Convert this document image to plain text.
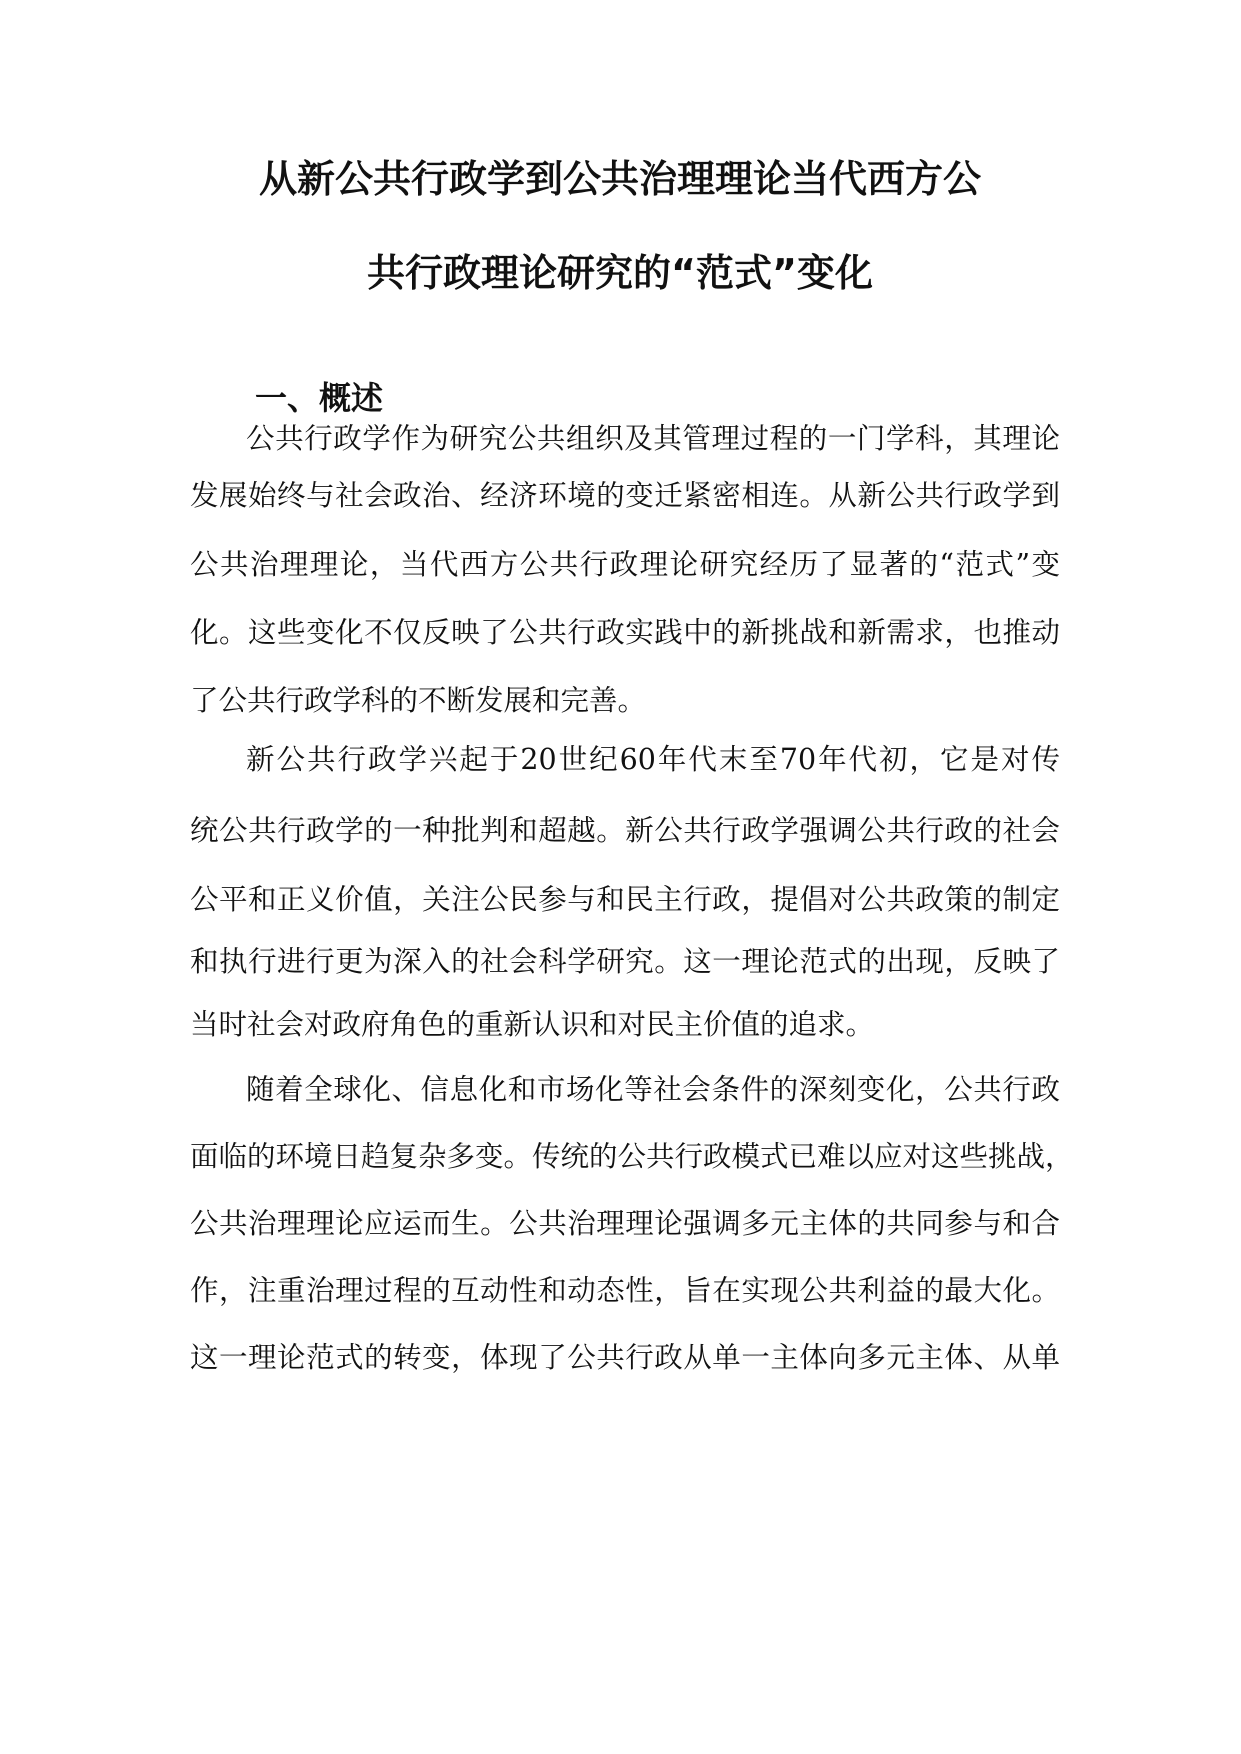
从新公共行政学到公共治理理论当代西方公
共行政理论研究的“范式”变化
一、概述
公共行政学作为研究公共组织及其管理过程的一门学科，其理论
发展始终与社会政治、经济环境的变迁紧密相连。从新公共行政学到
公共治理理论，当代西方公共行政理论研究经历了显著的“范式”变
化。这些变化不仅反映了公共行政实践中的新挑战和新需求，也推动
了公共行政学科的不断发展和完善。
新公共行政学兴起于20世纪60年代末至70年代初，它是对传
统公共行政学的一种批判和超越。新公共行政学强调公共行政的社会
公平和正义价值，关注公民参与和民主行政，提倡对公共政策的制定
和执行进行更为深入的社会科学研究。这一理论范式的出现，反映了
当时社会对政府角色的重新认识和对民主价值的追求。
随着全球化、信息化和市场化等社会条件的深刻变化，公共行政
面临的环境日趋复杂多变。传统的公共行政模式已难以应对这些挑战，
公共治理理论应运而生。公共治理理论强调多元主体的共同参与和合
作，注重治理过程的互动性和动态性，旨在实现公共利益的最大化。
这一理论范式的转变，体现了公共行政从单一主体向多元主体、从单
